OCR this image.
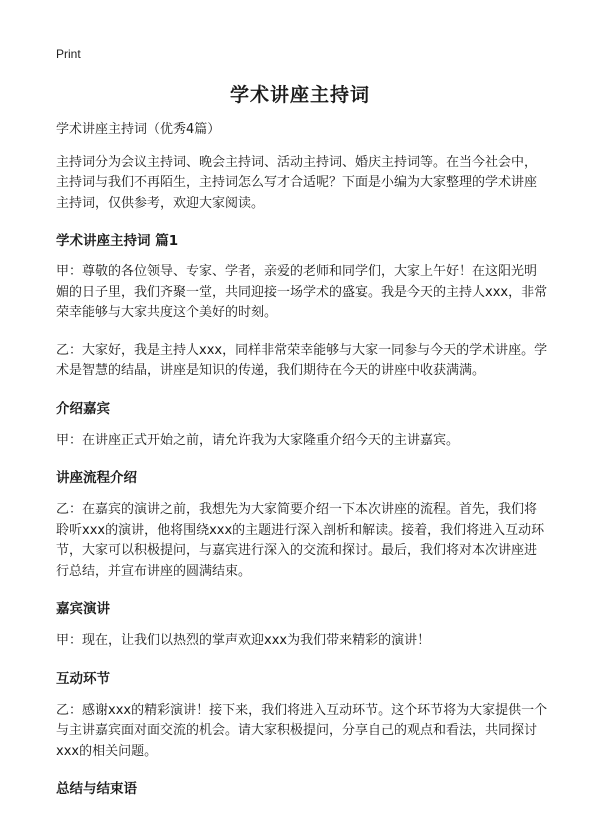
Print
学术讲座主持词

学术讲座主持词（优秀4篇）

主持词分为会议主持词、晚会主持词、活动主持词、婚庆主持词等。在当今社会中，主持词与我们不再陌生，主持词怎么写才合适呢？下面是小编为大家整理的学术讲座主持词，仅供参考，欢迎大家阅读。

学术讲座主持词 篇1

甲：尊敬的各位领导、专家、学者，亲爱的老师和同学们，大家上午好！在这阳光明媚的日子里，我们齐聚一堂，共同迎接一场学术的盛宴。我是今天的主持人xxx，非常荣幸能够与大家共度这个美好的时刻。

乙：大家好，我是主持人xxx，同样非常荣幸能够与大家一同参与今天的学术讲座。学术是智慧的结晶，讲座是知识的传递，我们期待在今天的讲座中收获满满。

介绍嘉宾

甲：在讲座正式开始之前，请允许我为大家隆重介绍今天的主讲嘉宾。

讲座流程介绍

乙：在嘉宾的演讲之前，我想先为大家简要介绍一下本次讲座的流程。首先，我们将聆听xxx的演讲，他将围绕xxx的主题进行深入剖析和解读。接着，我们将进入互动环节，大家可以积极提问，与嘉宾进行深入的交流和探讨。最后，我们将对本次讲座进行总结，并宣布讲座的圆满结束。

嘉宾演讲

甲：现在，让我们以热烈的掌声欢迎xxx为我们带来精彩的演讲！

互动环节

乙：感谢xxx的精彩演讲！接下来，我们将进入互动环节。这个环节将为大家提供一个与主讲嘉宾面对面交流的机会。请大家积极提问，分享自己的观点和看法，共同探讨xxx的相关问题。

总结与结束语
